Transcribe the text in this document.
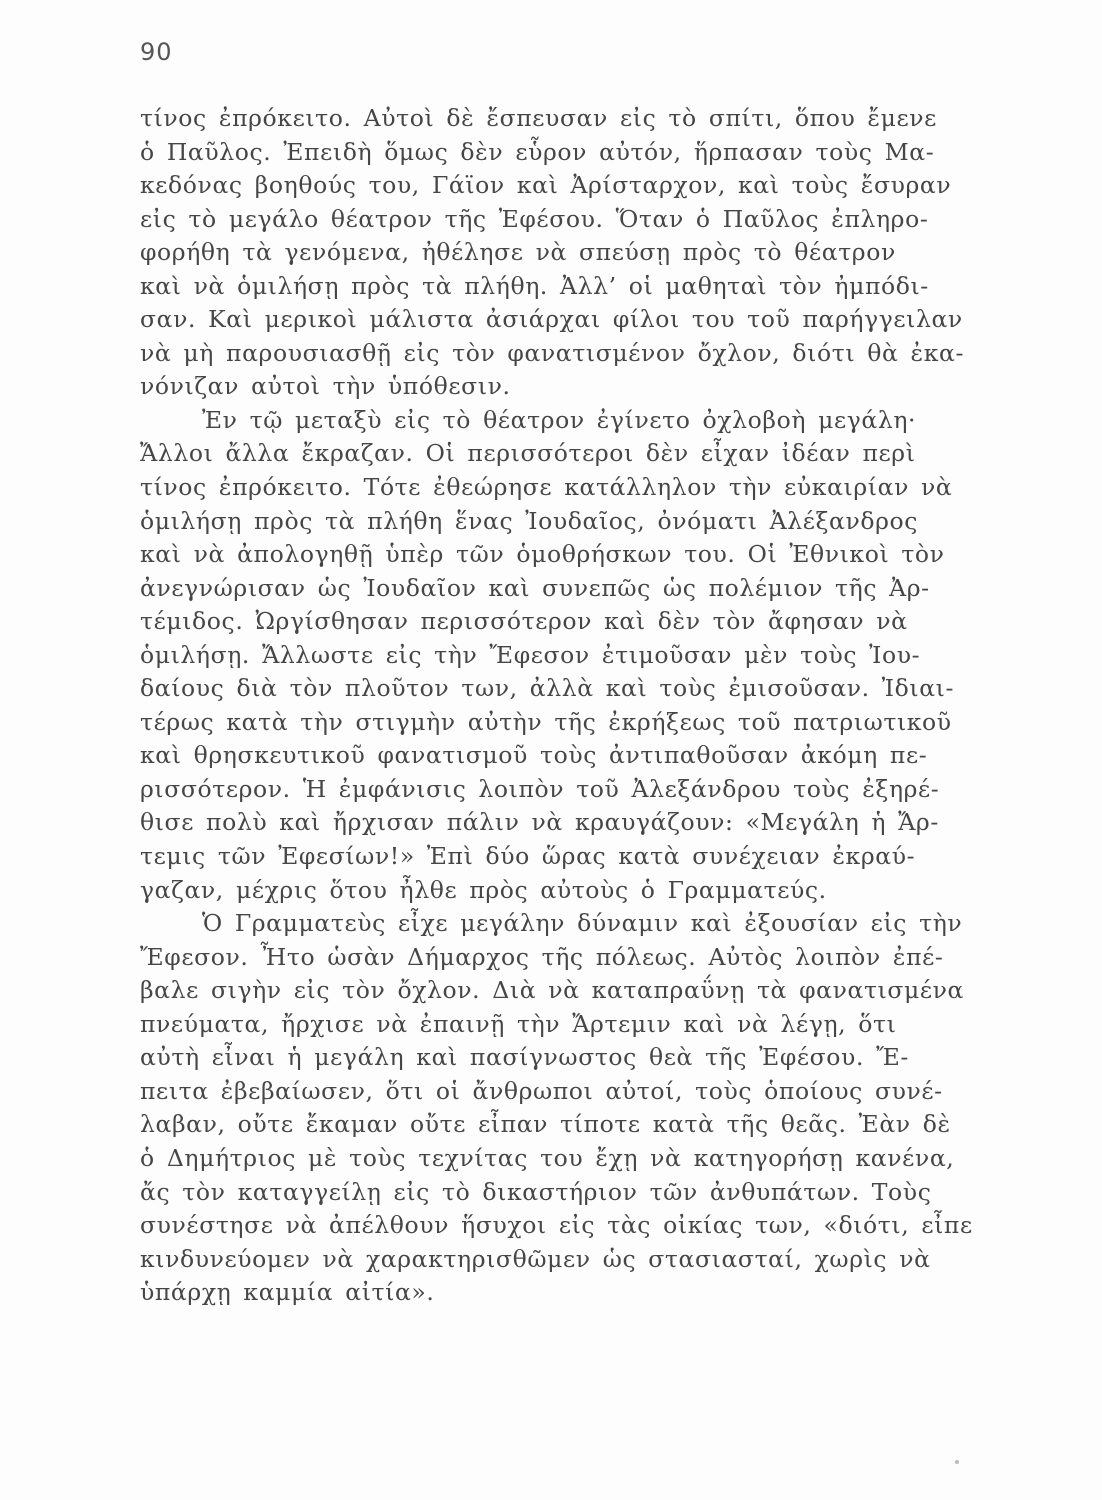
90
τίνος ἐπρόκειτο. Αὐτοὶ δὲ ἔσπευσαν εἰς τὸ σπίτι, ὅπου ἔμενε
ὁ Παῦλος. Ἐπειδὴ ὅμως δὲν εὗρον αὐτόν, ἥρπασαν τοὺς Μα-
κεδόνας βοηθούς του, Γάϊον καὶ Ἀρίσταρχον, καὶ τοὺς ἔσυραν
εἰς τὸ μεγάλο θέατρον τῆς Ἐφέσου. Ὅταν ὁ Παῦλος ἐπληρο-
φορήθη τὰ γενόμενα, ἠθέλησε νὰ σπεύσῃ πρὸς τὸ θέατρον
καὶ νὰ ὁμιλήσῃ πρὸς τὰ πλήθη. Ἀλλ’ οἱ μαθηταὶ τὸν ἠμπόδι-
σαν. Καὶ μερικοὶ μάλιστα ἀσιάρχαι φίλοι του τοῦ παρήγγειλαν
νὰ μὴ παρουσιασθῇ εἰς τὸν φανατισμένον ὄχλον, διότι θὰ ἐκα-
νόνιζαν αὐτοὶ τὴν ὑπόθεσιν.
Ἐν τῷ μεταξὺ εἰς τὸ θέατρον ἐγίνετο ὀχλοβοὴ μεγάλη·
Ἄλλοι ἄλλα ἔκραζαν. Οἱ περισσότεροι δὲν εἶχαν ἰδέαν περὶ
τίνος ἐπρόκειτο. Τότε ἐθεώρησε κατάλληλον τὴν εὐκαιρίαν νὰ
ὁμιλήσῃ πρὸς τὰ πλήθη ἕνας Ἰουδαῖος, ὀνόματι Ἀλέξανδρος
καὶ νὰ ἀπολογηθῇ ὑπὲρ τῶν ὁμοθρήσκων του. Οἱ Ἐθνικοὶ τὸν
ἀνεγνώρισαν ὡς Ἰουδαῖον καὶ συνεπῶς ὡς πολέμιον τῆς Ἀρ-
τέμιδος. Ὠργίσθησαν περισσότερον καὶ δὲν τὸν ἄφησαν νὰ
ὁμιλήσῃ. Ἄλλωστε εἰς τὴν Ἔφεσον ἐτιμοῦσαν μὲν τοὺς Ἰου-
δαίους διὰ τὸν πλοῦτον των, ἀλλὰ καὶ τοὺς ἐμισοῦσαν. Ἰδιαι-
τέρως κατὰ τὴν στιγμὴν αὐτὴν τῆς ἐκρήξεως τοῦ πατριωτικοῦ
καὶ θρησκευτικοῦ φανατισμοῦ τοὺς ἀντιπαθοῦσαν ἀκόμη πε-
ρισσότερον. Ἡ ἐμφάνισις λοιπὸν τοῦ Ἀλεξάνδρου τοὺς ἐξηρέ-
θισε πολὺ καὶ ἤρχισαν πάλιν νὰ κραυγάζουν: «Μεγάλη ἡ Ἄρ-
τεμις τῶν Ἐφεσίων!» Ἐπὶ δύο ὥρας κατὰ συνέχειαν ἐκραύ-
γαζαν, μέχρις ὅτου ἦλθε πρὸς αὐτοὺς ὁ Γραμματεύς.
Ὁ Γραμματεὺς εἶχε μεγάλην δύναμιν καὶ ἐξουσίαν εἰς τὴν
Ἔφεσον. Ἦτο ὡσὰν Δήμαρχος τῆς πόλεως. Αὐτὸς λοιπὸν ἐπέ-
βαλε σιγὴν εἰς τὸν ὄχλον. Διὰ νὰ καταπραΰνῃ τὰ φανατισμένα
πνεύματα, ἤρχισε νὰ ἐπαινῇ τὴν Ἄρτεμιν καὶ νὰ λέγῃ, ὅτι
αὐτὴ εἶναι ἡ μεγάλη καὶ πασίγνωστος θεὰ τῆς Ἐφέσου. Ἔ-
πειτα ἐβεβαίωσεν, ὅτι οἱ ἄνθρωποι αὐτοί, τοὺς ὁποίους συνέ-
λαβαν, οὔτε ἔκαμαν οὔτε εἶπαν τίποτε κατὰ τῆς θεᾶς. Ἐὰν δὲ
ὁ Δημήτριος μὲ τοὺς τεχνίτας του ἔχῃ νὰ κατηγορήσῃ κανένα,
ἄς τὸν καταγγείλῃ εἰς τὸ δικαστήριον τῶν ἀνθυπάτων. Τοὺς
συνέστησε νὰ ἀπέλθουν ἥσυχοι εἰς τὰς οἰκίας των, «διότι, εἶπε
κινδυνεύομεν νὰ χαρακτηρισθῶμεν ὡς στασιασταί, χωρὶς νὰ
ὑπάρχῃ καμμία αἰτία».
